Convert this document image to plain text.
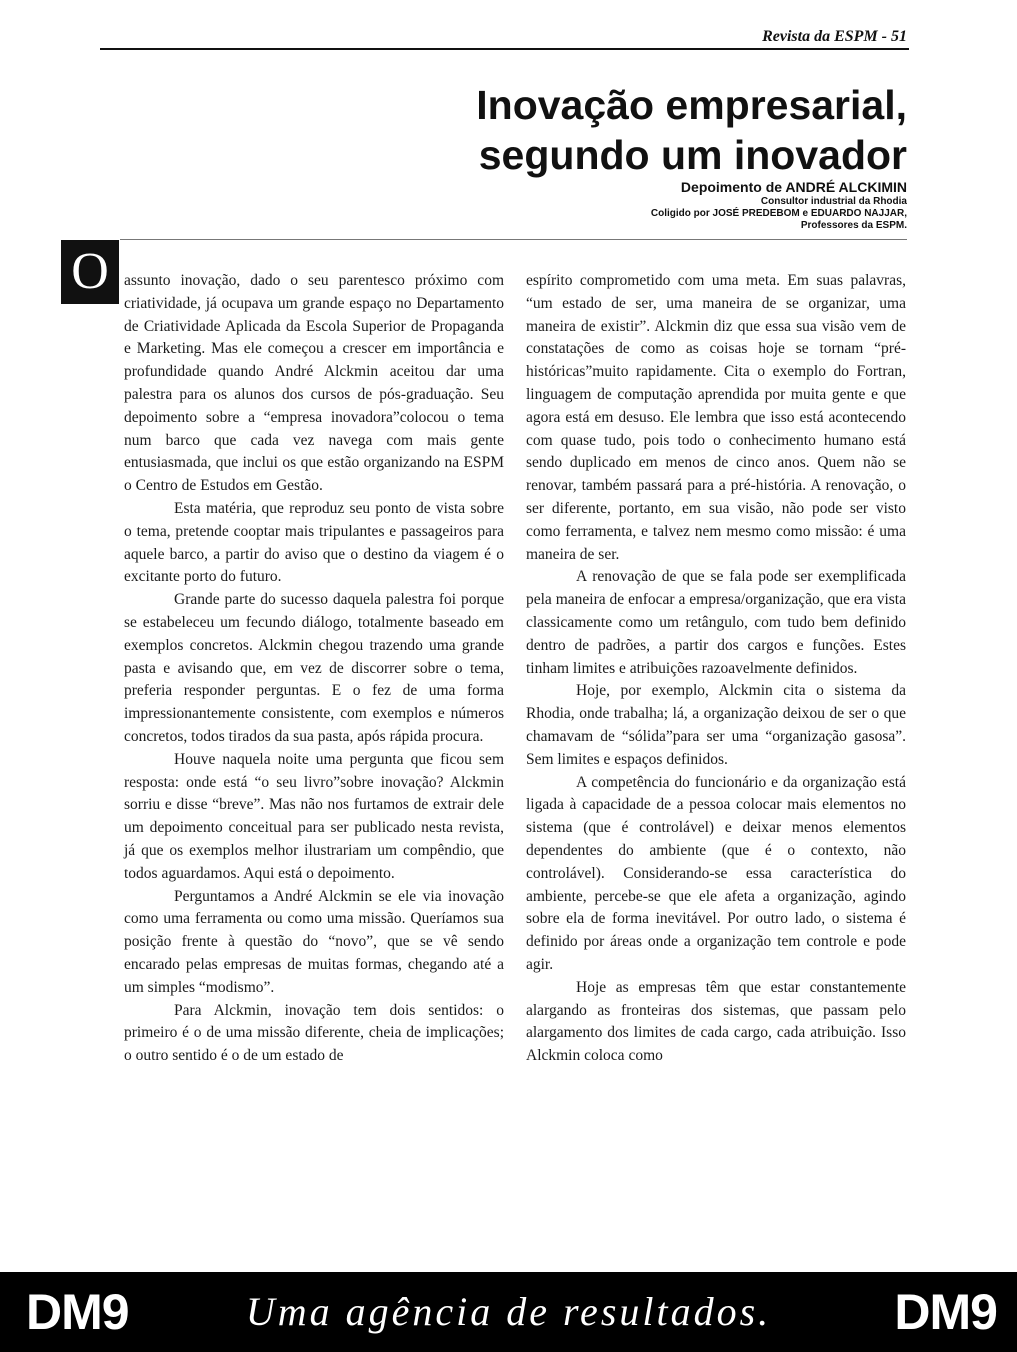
Revista da ESPM - 51
Inovação empresarial,
segundo um inovador
Depoimento de ANDRÉ ALCKIMIN
Consultor industrial da Rhodia
Coligido por JOSÉ PREDEBOM e EDUARDO NAJJAR,
Professores da ESPM.
O assunto inovação, dado o seu parentesco próximo com criatividade, já ocupava um grande espaço no Departamento de Criatividade Aplicada da Escola Superior de Propaganda e Marketing. Mas ele começou a crescer em importância e profundidade quando André Alckmin aceitou dar uma palestra para os alunos dos cursos de pós-graduação. Seu depoimento sobre a “empresa inovadora”colocou o tema num barco que cada vez navega com mais gente entusiasmada, que inclui os que estão organizando na ESPM o Centro de Estudos em Gestão.

Esta matéria, que reproduz seu ponto de vista sobre o tema, pretende cooptar mais tripulantes e passageiros para aquele barco, a partir do aviso que o destino da viagem é o excitante porto do futuro.

Grande parte do sucesso daquela palestra foi porque se estabeleceu um fecundo diálogo, totalmente baseado em exemplos concretos. Alckmin chegou trazendo uma grande pasta e avisando que, em vez de discorrer sobre o tema, preferia responder perguntas. E o fez de uma forma impressionantemente consistente, com exemplos e números concretos, todos tirados da sua pasta, após rápida procura.

Houve naquela noite uma pergunta que ficou sem resposta: onde está “o seu livro”sobre inovação? Alckmin sorriu e disse “breve”. Mas não nos furtamos de extrair dele um depoimento conceitual para ser publicado nesta revista, já que os exemplos melhor ilustrariam um compêndio, que todos aguardamos. Aqui está o depoimento.

Perguntamos a André Alckmin se ele via inovação como uma ferramenta ou como uma missão. Queríamos sua posição frente à questão do “novo”, que se vê sendo encarado pelas empresas de muitas formas, chegando até a um simples “modismo”.

Para Alckmin, inovação tem dois sentidos: o primeiro é o de uma missão diferente, cheia de implicações; o outro sentido é o de um estado de

espírito comprometido com uma meta. Em suas palavras, “um estado de ser, uma maneira de se organizar, uma maneira de existir”. Alckmin diz que essa sua visão vem de constatações de como as coisas hoje se tornam “pré-históricas”muito rapidamente. Cita o exemplo do Fortran, linguagem de computação aprendida por muita gente e que agora está em desuso. Ele lembra que isso está acontecendo com quase tudo, pois todo o conhecimento humano está sendo duplicado em menos de cinco anos. Quem não se renovar, também passará para a pré-história. A renovação, o ser diferente, portanto, em sua visão, não pode ser visto como ferramenta, e talvez nem mesmo como missão: é uma maneira de ser.

A renovação de que se fala pode ser exemplificada pela maneira de enfocar a empresa/organização, que era vista classicamente como um retângulo, com tudo bem definido dentro de padrões, a partir dos cargos e funções. Estes tinham limites e atribuições razoavelmente definidos.

Hoje, por exemplo, Alckmin cita o sistema da Rhodia, onde trabalha; lá, a organização deixou de ser o que chamavam de “sólida”para ser uma “organização gasosa”. Sem limites e espaços definidos.

A competência do funcionário e da organização está ligada à capacidade de a pessoa colocar mais elementos no sistema (que é controlável) e deixar menos elementos dependentes do ambiente (que é o contexto, não controlável). Considerando-se essa característica do ambiente, percebe-se que ele afeta a organização, agindo sobre ela de forma inevitável. Por outro lado, o sistema é definido por áreas onde a organização tem controle e pode agir.

Hoje as empresas têm que estar constantemente alargando as fronteiras dos sistemas, que passam pelo alargamento dos limites de cada cargo, cada atribuição. Isso Alckmin coloca como

DM9	Uma agência de resultados.	DM9
